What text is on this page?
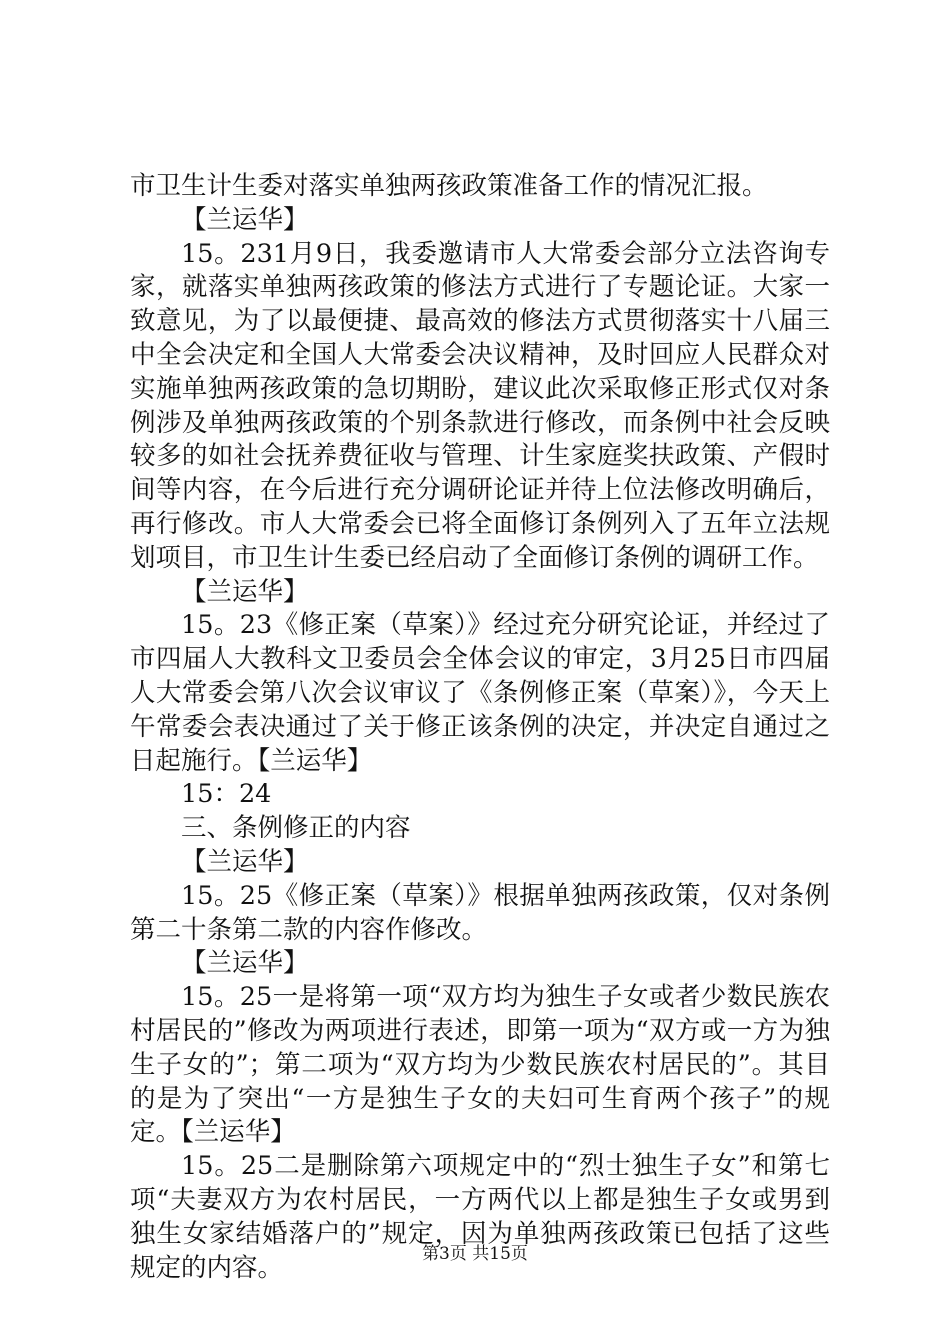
市卫生计生委对落实单独两孩政策准备工作的情况汇报。

【兰运华】

15。231月9日，我委邀请市人大常委会部分立法咨询专家，就落实单独两孩政策的修法方式进行了专题论证。大家一致意见，为了以最便捷、最高效的修法方式贯彻落实十八届三中全会决定和全国人大常委会决议精神，及时回应人民群众对实施单独两孩政策的急切期盼，建议此次采取修正形式仅对条例涉及单独两孩政策的个别条款进行修改，而条例中社会反映较多的如社会抚养费征收与管理、计生家庭奖扶政策、产假时间等内容，在今后进行充分调研论证并待上位法修改明确后，再行修改。市人大常委会已将全面修订条例列入了五年立法规划项目，市卫生计生委已经启动了全面修订条例的调研工作。

【兰运华】

15。23《修正案（草案）》经过充分研究论证，并经过了市四届人大教科文卫委员会全体会议的审定，3月25日市四届人大常委会第八次会议审议了《条例修正案（草案）》，今天上午常委会表决通过了关于修正该条例的决定，并决定自通过之日起施行。【兰运华】

15：24

三、条例修正的内容

【兰运华】

15。25《修正案（草案）》根据单独两孩政策，仅对条例第二十条第二款的内容作修改。

【兰运华】

15。25一是将第一项“双方均为独生子女或者少数民族农村居民的”修改为两项进行表述，即第一项为“双方或一方为独生子女的”；第二项为“双方均为少数民族农村居民的”。其目的是为了突出“一方是独生子女的夫妇可生育两个孩子”的规定。【兰运华】

15。25二是删除第六项规定中的“烈士独生子女”和第七项“夫妻双方为农村居民，一方两代以上都是独生子女或男到独生女家结婚落户的”规定，因为单独两孩政策已包括了这些规定的内容。	第3页 共15页
